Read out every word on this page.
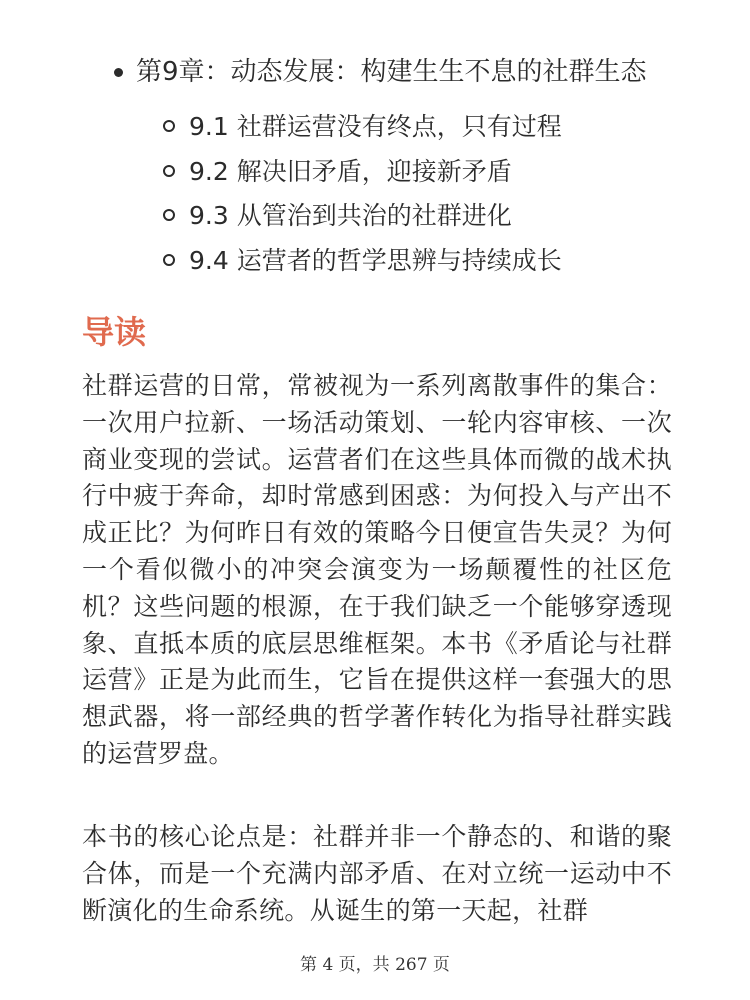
第9章：动态发展：构建生生不息的社群生态
9.1 社群运营没有终点，只有过程
9.2 解决旧矛盾，迎接新矛盾
9.3 从管治到共治的社群进化
9.4 运营者的哲学思辨与持续成长
导读
社群运营的日常，常被视为一系列离散事件的集合：一次用户拉新、一场活动策划、一轮内容审核、一次商业变现的尝试。运营者们在这些具体而微的战术执行中疲于奔命，却时常感到困惑：为何投入与产出不成正比？为何昨日有效的策略今日便宣告失灵？为何一个看似微小的冲突会演变为一场颠覆性的社区危机？这些问题的根源，在于我们缺乏一个能够穿透现象、直抵本质的底层思维框架。本书《矛盾论与社群运营》正是为此而生，它旨在提供这样一套强大的思想武器，将一部经典的哲学著作转化为指导社群实践的运营罗盘。
本书的核心论点是：社群并非一个静态的、和谐的聚合体，而是一个充满内部矛盾、在对立统一运动中不断演化的生命系统。从诞生的第一天起，社群
第 4 页，共 267 页
